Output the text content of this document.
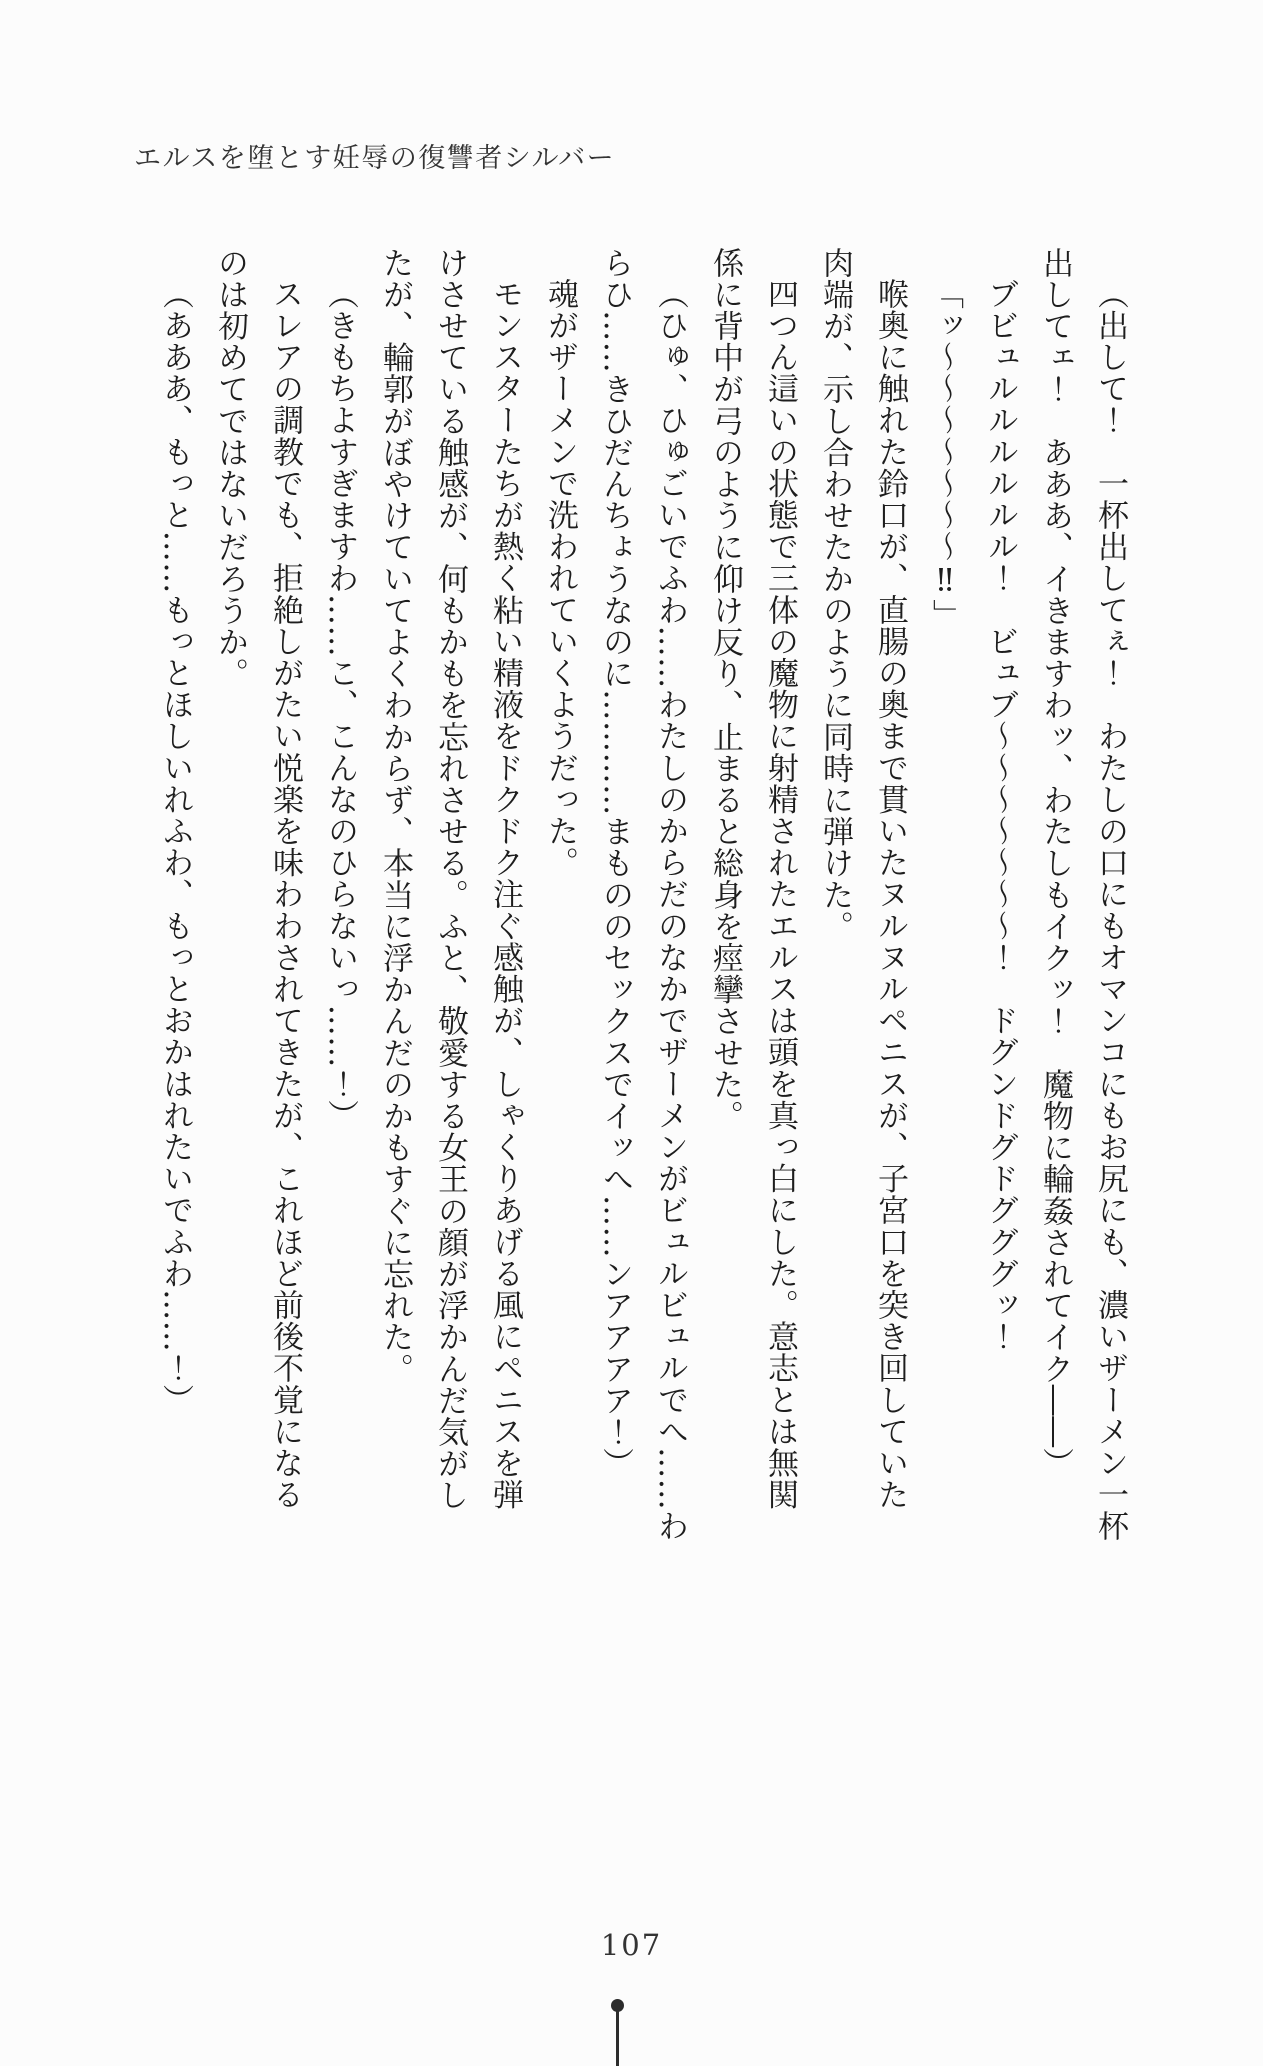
エルスを堕とす妊辱の復讐者シルバー

（出して！　一杯出してぇ！　わたしの口にもオマンコにもお尻にも、濃いザーメン一杯

出してェ！　あああ、イきますわッ、わたしもイクッ！　魔物に輪姦されてイク――）

ブビュルルルルルル！　ビュブ～～～～～～～！　ドグンドグドグググッ！

「ッ～～～～～～～‼」

喉奥に触れた鈴口が、直腸の奥まで貫いたヌルヌルペニスが、子宮口を突き回していた

肉端が、示し合わせたかのように同時に弾けた。

四つん這いの状態で三体の魔物に射精されたエルスは頭を真っ白にした。意志とは無関

係に背中が弓のように仰け反り、止まると総身を痙攣させた。

（ひゅ、ひゅごいでふわ……わたしのからだのなかでザーメンがビュルビュルでへ……わ

らひ……きひだんちょうなのに…………まもののセックスでイッへ……ンアアアア！）

魂がザーメンで洗われていくようだった。

モンスターたちが熱く粘い精液をドクドク注ぐ感触が、しゃくりあげる風にペニスを弾

けさせている触感が、何もかもを忘れさせる。ふと、敬愛する女王の顔が浮かんだ気がし

たが、輪郭がぼやけていてよくわからず、本当に浮かんだのかもすぐに忘れた。

（きもちよすぎますわ……こ、こんなのひらないっ……！）

スレアの調教でも、拒絶しがたい悦楽を味わわされてきたが、これほど前後不覚になる

のは初めてではないだろうか。

（あああ、もっと……もっとほしいれふわ、もっとおかはれたいでふわ……！）

107
